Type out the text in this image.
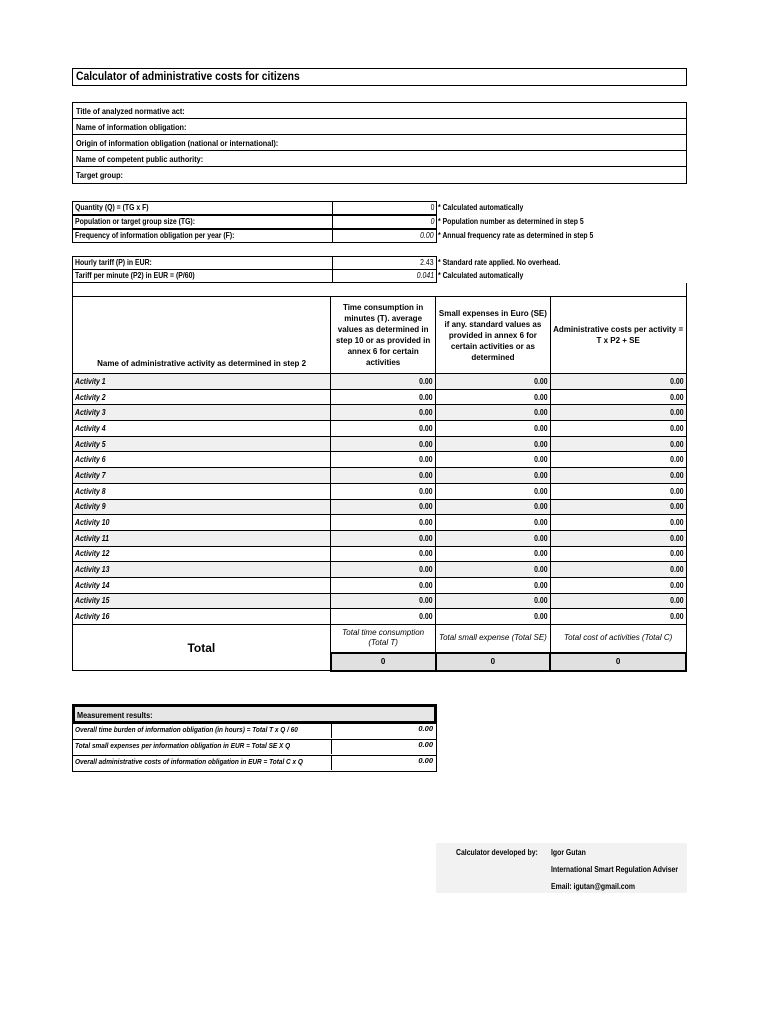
Calculator of administrative costs for citizens
Title of analyzed normative act:
Name of information obligation:
Origin of information obligation (national or international):
Name of competent public authority:
Target group:
Quantity (Q) = (TG x F)	0 * Calculated automatically
Population or target group size (TG):	0 * Population number as determined in step 5
Frequency of information obligation per year (F):	0.00 * Annual frequency rate as determined in step 5
Hourly tariff (P) in EUR:	2.43 * Standard rate applied. No overhead.
Tariff per minute (P2) in EUR = (P/60)	0.041 * Calculated automatically
Name of administrative activity as determined in step 2	Time consumption in minutes (T). average values as determined in step 10 or as provided in annex 6 for certain activities	Small expenses in Euro (SE) if any. standard values as provided in annex 6 for certain activities or as determined	Administrative costs per activity = T x P2 + SE
Activity 1	0.00	0.00	0.00
Activity 2	0.00	0.00	0.00
Activity 3	0.00	0.00	0.00
Activity 4	0.00	0.00	0.00
Activity 5	0.00	0.00	0.00
Activity 6	0.00	0.00	0.00
Activity 7	0.00	0.00	0.00
Activity 8	0.00	0.00	0.00
Activity 9	0.00	0.00	0.00
Activity 10	0.00	0.00	0.00
Activity 11	0.00	0.00	0.00
Activity 12	0.00	0.00	0.00
Activity 13	0.00	0.00	0.00
Activity 14	0.00	0.00	0.00
Activity 15	0.00	0.00	0.00
Activity 16	0.00	0.00	0.00
Total	Total time consumption (Total T)	Total small expense (Total SE)	Total cost of activities (Total C)
	0	0	0
Measurement results:
Overall time burden of information obligation (in hours) = Total T x Q / 60	0.00
Total small expenses per information obligation in EUR = Total SE X Q	0.00
Overall administrative costs of information obligation in EUR = Total C x Q	0.00
Calculator developed by:	Igor Gutan
International Smart Regulation Adviser
Email: igutan@gmail.com
